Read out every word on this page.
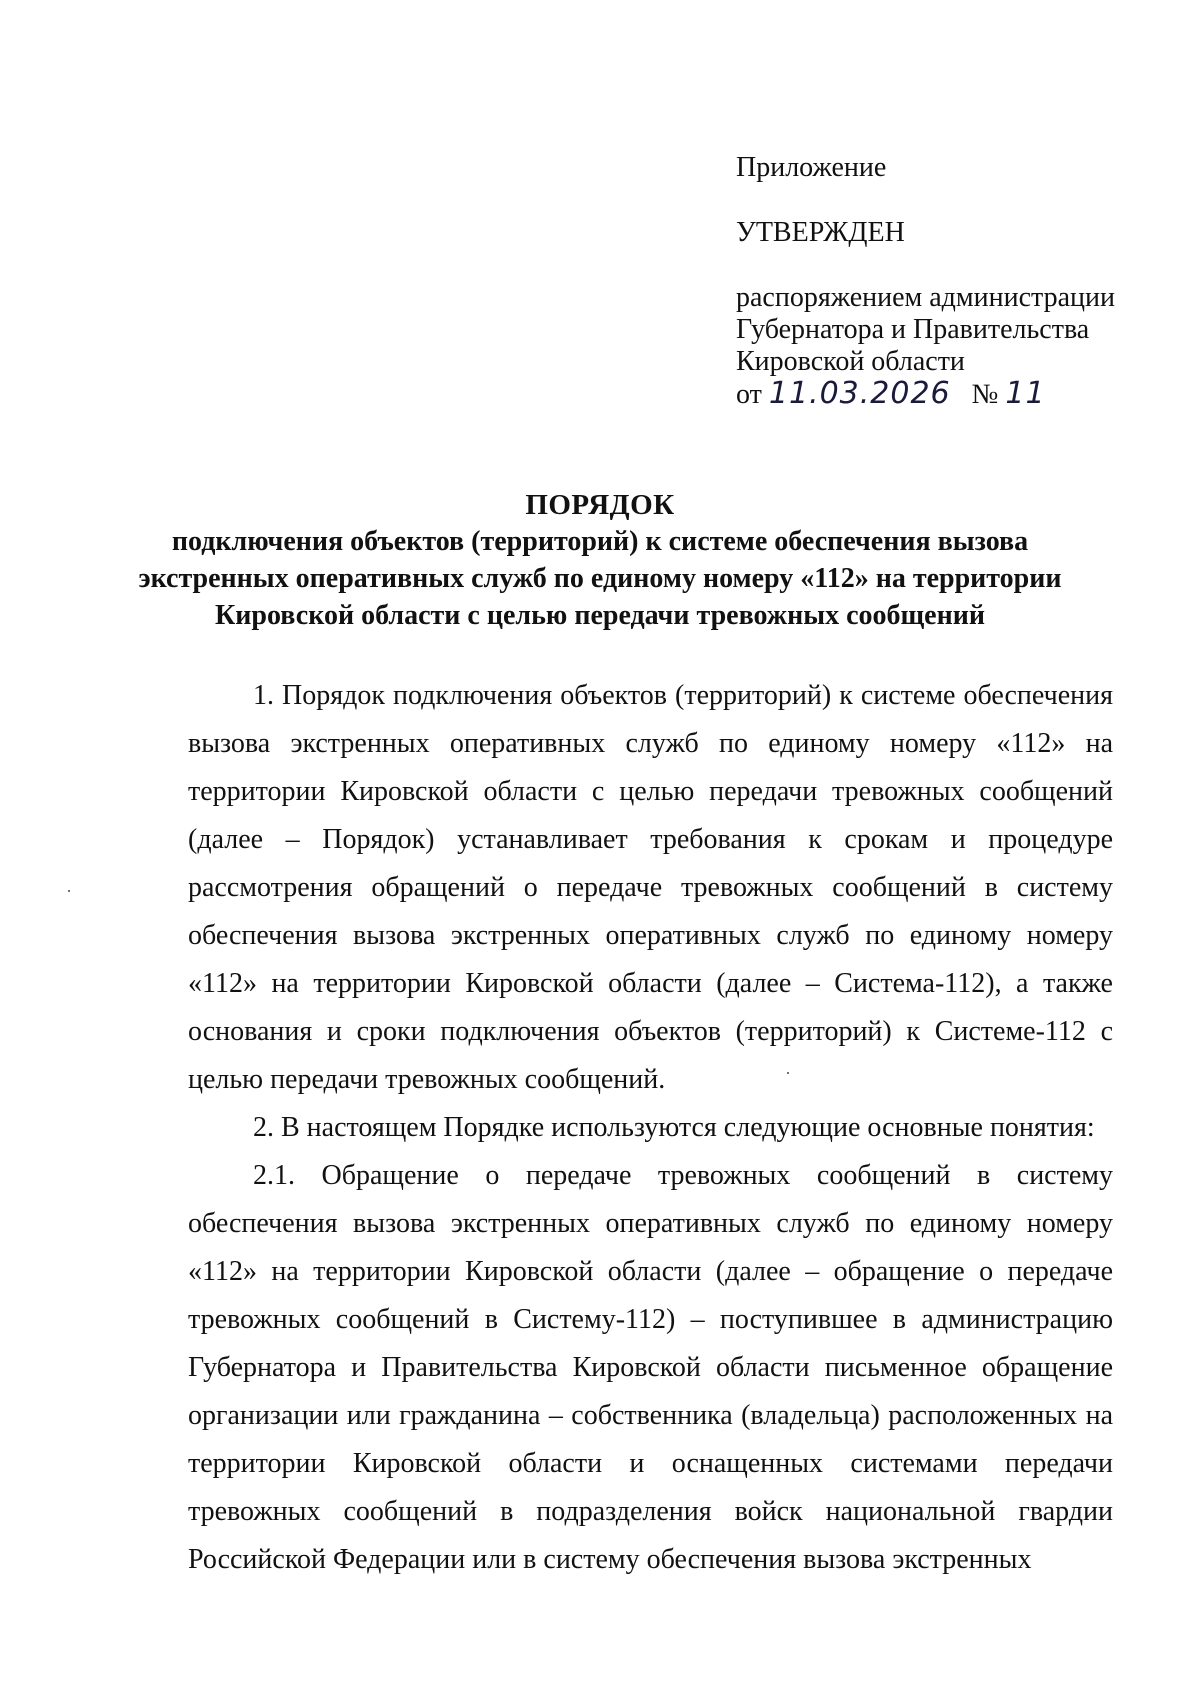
Приложение
УТВЕРЖДЕН
распоряжением администрации
Губернатора и Правительства
Кировской области
от 11.03.2026 № 11
ПОРЯДОК
подключения объектов (территорий) к системе обеспечения вызова
экстренных оперативных служб по единому номеру «112» на территории
Кировской области с целью передачи тревожных сообщений

1. Порядок подключения объектов (территорий) к системе обеспечения вызова экстренных оперативных служб по единому номеру «112» на территории Кировской области с целью передачи тревожных сообщений (далее – Порядок) устанавливает требования к срокам и процедуре рассмотрения обращений о передаче тревожных сообщений в систему обеспечения вызова экстренных оперативных служб по единому номеру «112» на территории Кировской области (далее – Система-112), а также основания и сроки подключения объектов (территорий) к Системе-112 с целью передачи тревожных сообщений.

2. В настоящем Порядке используются следующие основные понятия:

2.1. Обращение о передаче тревожных сообщений в систему обеспечения вызова экстренных оперативных служб по единому номеру «112» на территории Кировской области (далее – обращение о передаче тревожных сообщений в Систему-112) – поступившее в администрацию Губернатора и Правительства Кировской области письменное обращение организации или гражданина – собственника (владельца) расположенных на территории Кировской области и оснащенных системами передачи тревожных сообщений в подразделения войск национальной гвардии Российской Федерации или в систему обеспечения вызова экстренных
